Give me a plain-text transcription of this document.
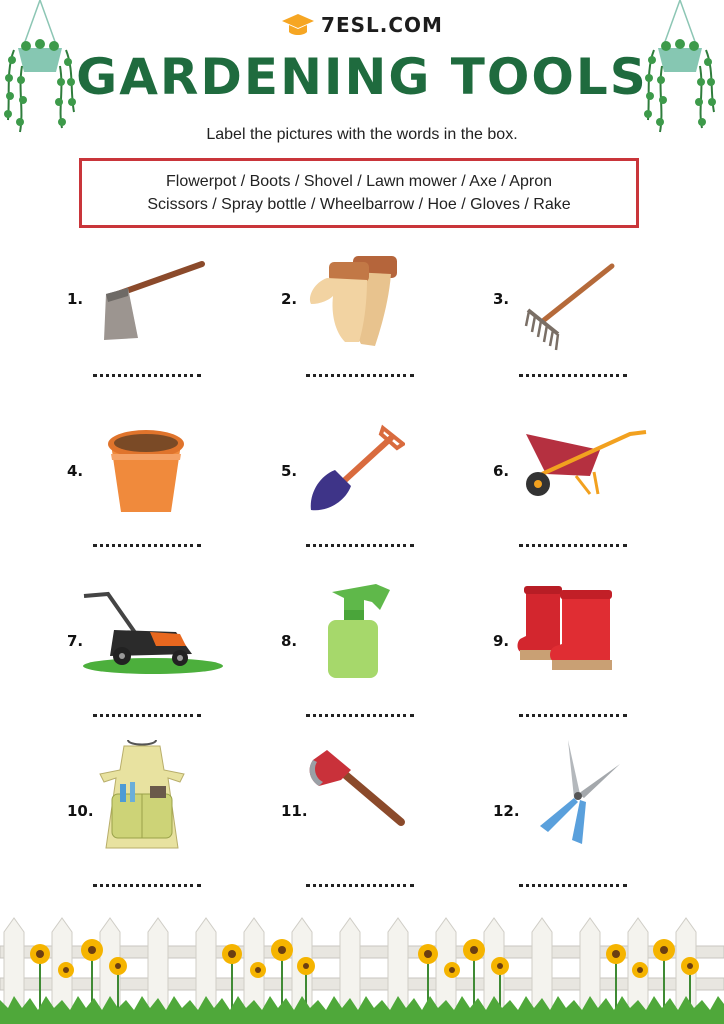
7ESL.COM
GARDENING TOOLS
Label the pictures with the words in the box.
Flowerpot / Boots / Shovel / Lawn mower / Axe / Apron
Scissors / Spray bottle / Wheelbarrow / Hoe / Gloves / Rake
1.	2.	3.
4.	5.	6.
7.	8.	9.
10.	11.	12.
